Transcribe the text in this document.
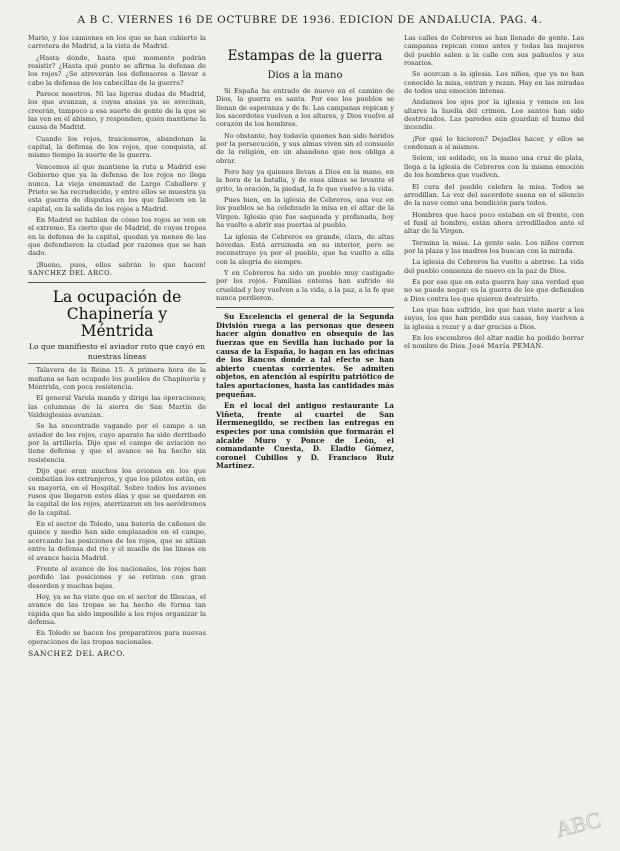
A B C. VIERNES 16 DE OCTUBRE DE 1936. EDICION DE ANDALUCIA. PAG. 4.

Mario, y los camiones en los que se han cubierto la carretera de Madrid, a la vista de Madrid.

¿Hasta dónde, hasta qué momento podrán resistir? ¿Hasta qué punto se afirma la defensa de los rojos? ¿Se atreverán los defensores a llevar a cabo la defensa de los cabecillas de la guerra?

Parece nosotros. Ni las ligeras dudas de Madrid, los que avanzan, a cuyas ansias ya se avecinan, creerán, tampoco a esa suerte de gente de la que se las ven en el abismo, y responden, quién mantiene la causa de Madrid.

Cuando los rojos, traicioneros, abandonan la capital, la defensa de los rojos, que conquista, al mismo tiempo la suerte de la guerra.

Vencemos al que mantiene la ruta a Madrid ese Gobierno que ya la defensa de los rojos no llega nunca. La vieja enemistad de Largo Caballero y Prieto se ha recrudecido, y entre ellos se muestra ya esta guerra de disputas en los que fallecen en la capital, en la salida de los rojos a Madrid.

En Madrid se hablan de cómo los rojos se ven en el extremo. Es cierto que de Madrid, de cuyas tropas en la defensa de la capital, quedan ya menos de las que defendieron la ciudad por razones que se han dado.

¡Bueno, pues, ellos sabrán lo que hacen! SANCHEZ DEL ARCO.

La ocupación de Chapinería y Méntrida
Lo que manifiesto el aviador roto que cayó en nuestras líneas

Talavera de la Reina 15. A primera hora de la mañana se han ocupado los pueblos de Chapinería y Méntrida, con poca resistencia.

El general Varela manda y dirige las operaciones; las columnas de la sierra de San Martín de Valdeiglesias avanzan.

Se ha encontrado vagando por el campo a un aviador de los rojos, cuyo aparato ha sido derribado por la artillería. Dijo que el campo de aviación no tiene defensa y que el avance se ha hecho sin resistencia.

Dijo que eran muchos los aviones en los que combatían los extranjeros, y que los pilotos están, en su mayoría, en el Hospital. Sobre todos los aviones rusos que llegaron estos días y que se quedaron en la capital de los rojos, aterrizaron en los aeródromos de la capital.

En el sector de Toledo, una batería de cañones de quince y medio han sido emplazados en el campo, acercando las posiciones de los rojos, que se sitúan entre la defensa del río y el muelle de las líneas en el avance hacia Madrid.

Frente al avance de los nacionales, los rojos han perdido las posiciones y se retiran con gran desorden y muchas bajas.

Hoy, ya se ha visto que en el sector de Illescas, el avance de las tropas se ha hecho de forma tan rápida que ha sido imposible a los rojos organizar la defensa.

En Toledo se hacen los preparativos para nuevas operaciones de las tropas nacionales.

SANCHEZ DEL ARCO.
Estampas de la guerra
Dios a la mano

Si España ha entrado de nuevo en el camino de Dios, la guerra es santa. Por eso los pueblos se llenan de esperanza y de fe. Las campanas repican y los sacerdotes vuelven a los altares, y Dios vuelve al corazón de los hombres.

No obstante, hay todavía quienes han sido heridos por la persecución, y sus almas viven sin el consuelo de la religión, en un abandono que nos obliga a obrar.

Pero hay ya quienes llevan a Dios en la mano, en la hora de la batalla, y de esas almas se levanta el grito, la oración, la piedad, la fe que vuelve a la vida.

Pues bien, en la iglesia de Cebreros, una vez en los pueblos se ha celebrado la misa en el altar de la Virgen. Iglesia que fue saqueada y profanada, hoy ha vuelto a abrir sus puertas al pueblo.

La iglesia de Cebreros es grande, clara, de altas bóvedas. Está arruinada en su interior, pero se reconstruye ya por el pueblo, que ha vuelto a ella con la alegría de siempre.

Y en Cebreros ha sido un pueblo muy castigado por los rojos. Familias enteras han sufrido su crueldad y hoy vuelven a la vida, a la paz, a la fe que nunca perdieron.

Su Excelencia el general de la Segunda División ruega a las personas que deseen hacer algún donativo en obsequio de las fuerzas que en Sevilla han luchado por la causa de la España, lo hagan en las oficinas de los Bancos donde a tal efecto se han abierto cuentas corrientes. Se admiten objetos, en atención al espíritu patriótico de tales aportaciones, hasta las cantidades más pequeñas.

En el local del antiguo restaurante La Viñeta, frente al cuartel de San Hermenegildo, se reciben las entregas en especies por una comisión que formarán el alcalde Muro y Ponce de León, el comandante Cuesta, D. Eladio Gómez, coronel Cubillos y D. Francisco Ruiz Martínez.

Las calles de Cebreros se han llenado de gente. Las campanas repican como antes y todas las mujeres del pueblo salen a la calle con sus pañuelos y sus rosarios.

Se acercan a la iglesia. Los niños, que ya no han conocido la misa, entran y rezan. Hay en las miradas de todos una emoción intensa.

Andamos los ojos por la iglesia y vemos en los altares la huella del crimen. Los santos han sido destrozados. Las paredes aún guardan el humo del incendio.

¡Por qué lo hicieron? Dejadles hacer, y ellos se condenan a sí mismos.

Selem, un soldado, en la mano una cruz de plata, llega a la iglesia de Cebreros con la misma emoción de los hombres que vuelven.

El cura del pueblo celebra la misa. Todos se arrodillan. La voz del sacerdote suena en el silencio de la nave como una bendición para todos.

Hombres que hace poco estaban en el frente, con el fusil al hombro, están ahora arrodillados ante el altar de la Virgen.

Termina la misa. La gente sale. Los niños corren por la plaza y las madres los buscan con la mirada.

La iglesia de Cebreros ha vuelto a abrirse. La vida del pueblo comienza de nuevo en la paz de Dios.

Es por eso que en esta guerra hay una verdad que no se puede negar: es la guerra de los que defienden a Dios contra los que quieren destruirlo.

Los que han sufrido, los que han visto morir a los suyos, los que han perdido sus casas, hoy vuelven a la iglesia a rezar y a dar gracias a Dios.

En los escombros del altar nadie ha podido borrar el nombre de Dios. José María PEMAN.

ABC
